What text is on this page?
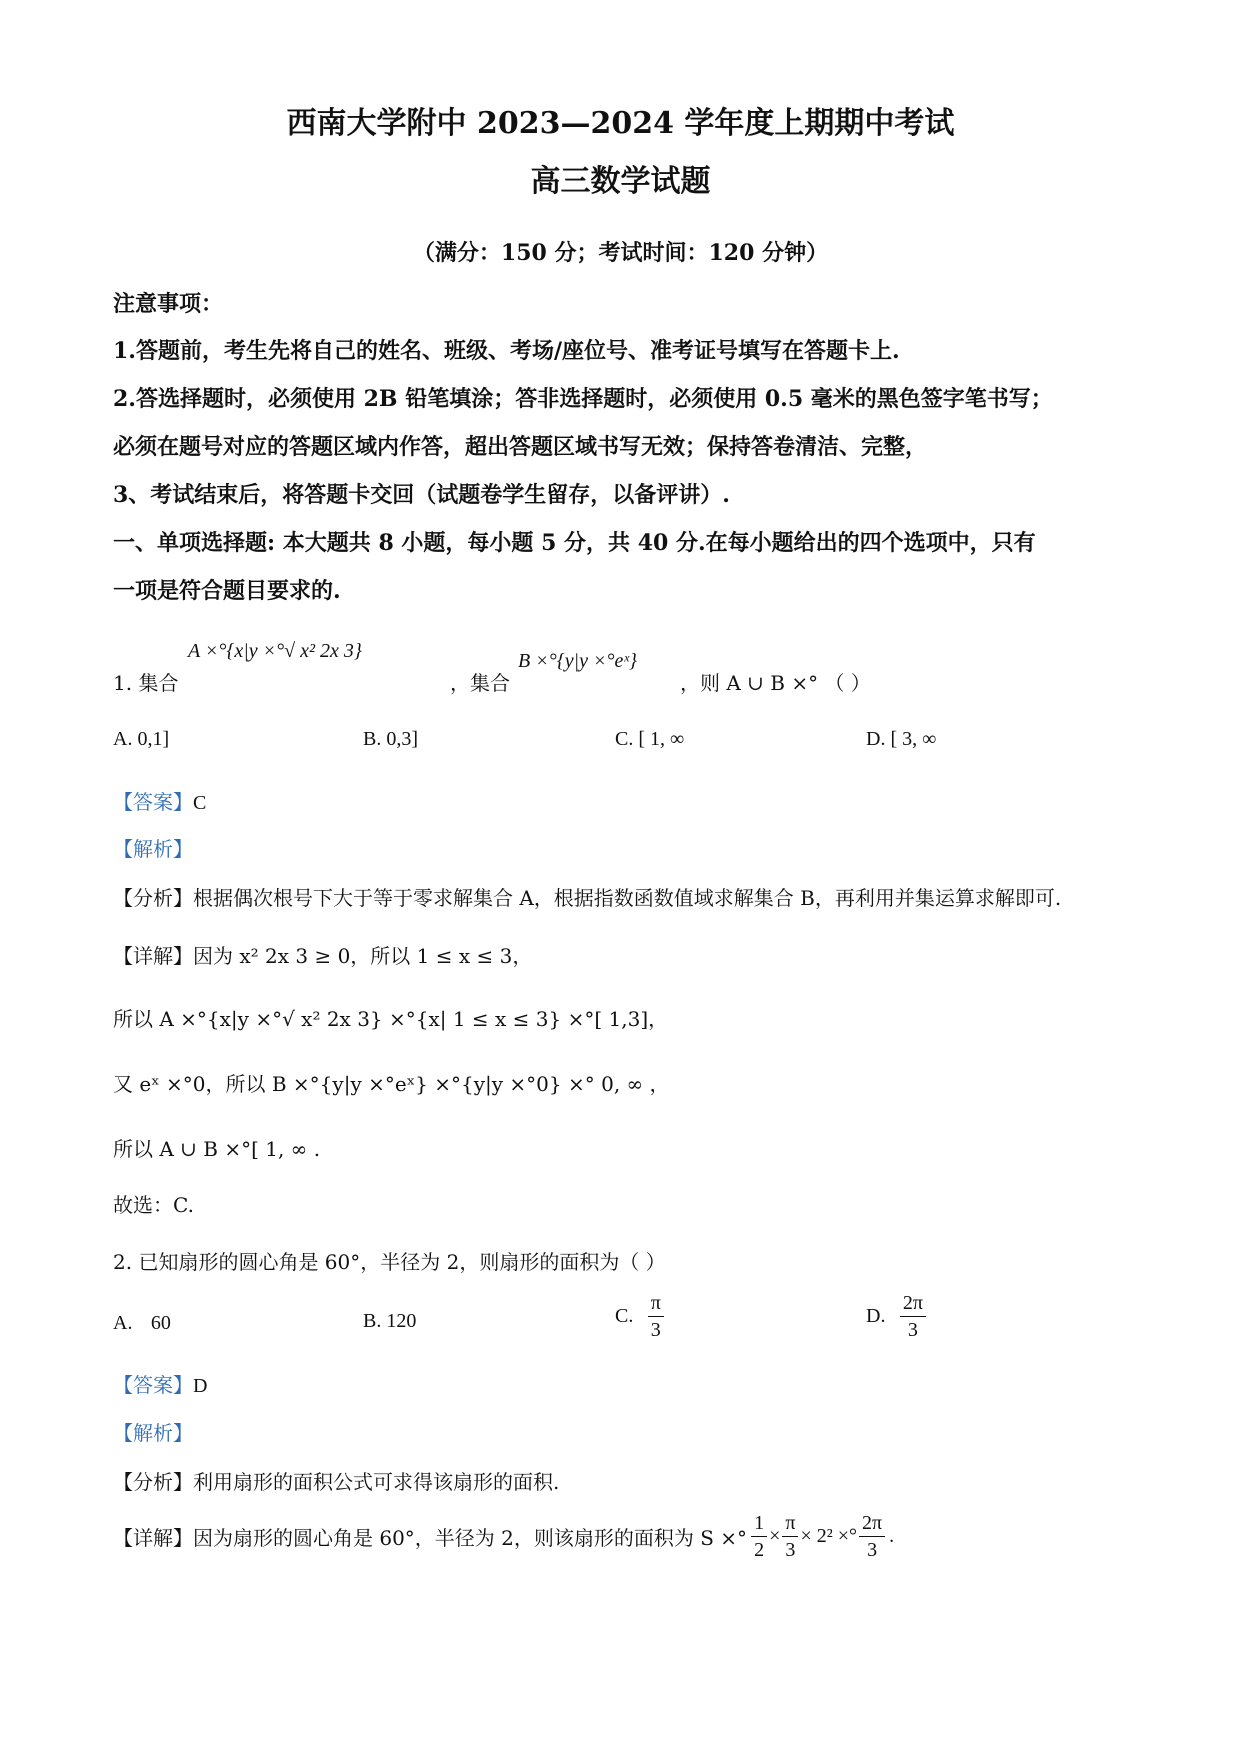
西南大学附中 2023—2024 学年度上期期中考试
高三数学试题
（满分：150 分；考试时间：120 分钟）
注意事项：
1.答题前，考生先将自己的姓名、班级、考场/座位号、准考证号填写在答题卡上.
2.答选择题时，必须使用 2B 铅笔填涂；答非选择题时，必须使用 0.5 毫米的黑色签字笔书写；
必须在题号对应的答题区域内作答，超出答题区域书写无效；保持答卷清洁、完整，
3、考试结束后，将答题卡交回（试题卷学生留存，以备评讲）.
一、单项选择题: 本大题共 8 小题，每小题 5 分，共 40 分.在每小题给出的四个选项中，只有
一项是符合题目要求的.
1. 集合
A ×°{x|y ×°√ x² 2x 3}
，集合
B ×°{y|y ×°eˣ}
，则 A ∪ B ×° （ ）
A. 0,1]	B. 0,3]	C. [ 1, ∞	D. [ 3, ∞
【答案】C
【解析】
【分析】根据偶次根号下大于等于零求解集合 A，根据指数函数值域求解集合 B，再利用并集运算求解即可.
【详解】因为 x² 2x 3 ≥ 0，所以 1 ≤ x ≤ 3，
所以 A ×°{x|y ×°√ x² 2x 3} ×°{x| 1 ≤ x ≤ 3} ×°[ 1,3]，
又 eˣ ×°0，所以 B ×°{y|y ×°eˣ} ×°{y|y ×°0} ×° 0, ∞ ，
所以 A ∪ B ×°[ 1, ∞ .
故选：C.
2. 已知扇形的圆心角是 60°，半径为 2，则扇形的面积为（ ）
A. 60	B. 120	C. $\frac{\pi}{3}$	D. $\frac{2\pi}{3}$
【答案】D
【解析】
【分析】利用扇形的面积公式可求得该扇形的面积.
【详解】因为扇形的圆心角是 60°，半径为 2，则该扇形的面积为 S ×° $\frac{1}{2} \times \frac{\pi}{3} \times 2^2$ ×° $\frac{2\pi}{3}$ .
